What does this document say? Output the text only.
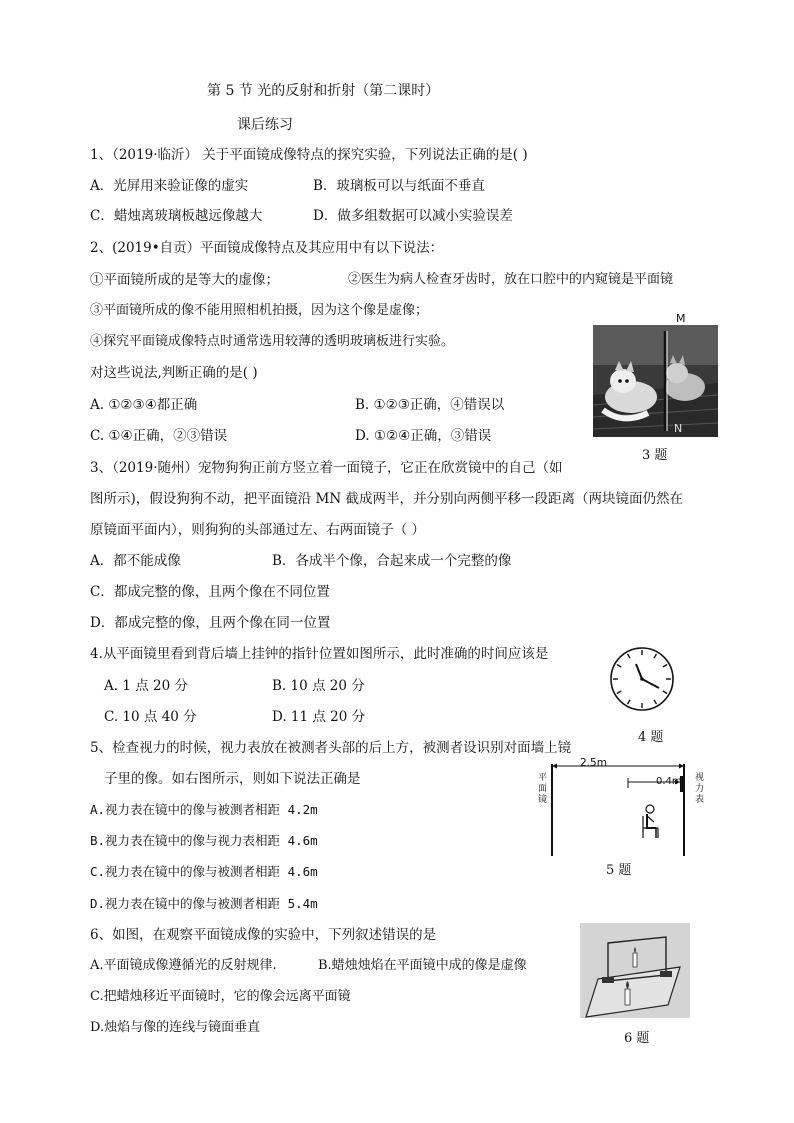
第 5 节 光的反射和折射（第二课时）
课后练习
1、（2019·临沂） 关于平面镜成像特点的探究实验，下列说法正确的是( )
A．光屏用来验证像的虚实	B．玻璃板可以与纸面不垂直
C．蜡烛离玻璃板越远像越大	D．做多组数据可以减小实验误差
2、(2019•自贡）平面镜成像特点及其应用中有以下说法：
①平面镜所成的是等大的虚像；	②医生为病人检查牙齿时，放在口腔中的内窥镜是平面镜
③平面镜所成的像不能用照相机拍摄，因为这个像是虚像；
④探究平面镜成像特点时通常选用较薄的透明玻璃板进行实验。
对这些说法,判断正确的是( )
A. ①②③④都正确	B. ①②③正确，④错误以
C. ①④正确，②③错误	D. ①②④正确，③错误
M
N
3 题
3、（2019·随州）宠物狗狗正前方竖立着一面镜子，它正在欣赏镜中的自己（如
图所示)，假设狗狗不动，把平面镜沿 MN 截成两半，并分别向两侧平移一段距离（两块镜面仍然在
原镜面平面内），则狗狗的头部通过左、右两面镜子（ ）
A．都不能成像	B．各成半个像，合起来成一个完整的像
C．都成完整的像，且两个像在不同位置
D．都成完整的像，且两个像在同一位置
4.从平面镜里看到背后墙上挂钟的指针位置如图所示，此时准确的时间应该是
A. 1 点 20 分	B. 10 点 20 分
C. 10 点 40 分	D. 11 点 20 分
4 题
5、检查视力的时候，视力表放在被测者头部的后上方，被测者设识别对面墙上镜
子里的像。如右图所示，则如下说法正确是
A.视力表在镜中的像与被测者相距 4.2m
B.视力表在镜中的像与视力表相距 4.6m
C.视力表在镜中的像与被测者相距 4.6m
D.视力表在镜中的像与被测者相距 5.4m
2.5m
0.4m
平面镜
视力表
5 题
6、如图，在观察平面镜成像的实验中，下列叙述错误的是
A.平面镜成像遵循光的反射规律.	B.蜡烛烛焰在平面镜中成的像是虚像
C.把蜡烛移近平面镜时，它的像会远离平面镜
D.烛焰与像的连线与镜面垂直
6 题
